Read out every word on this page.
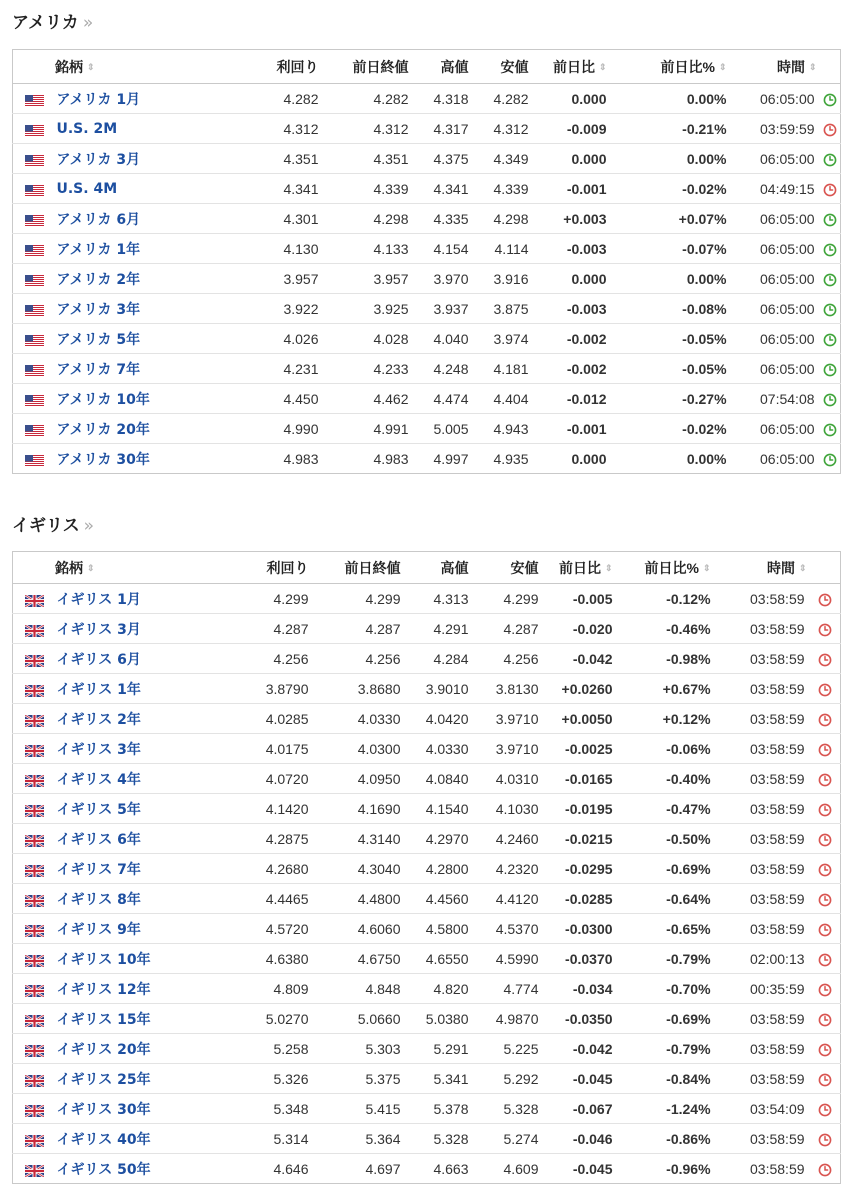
アメリカ »
銘柄 ⇕		利回り	前日終値	高値	安値	前日比 ⇕	前日比% ⇕	時間 ⇕	
	アメリカ 1月	4.282	4.282	4.318	4.282	0.000	0.00%	06:05:00	
	U.S. 2M	4.312	4.312	4.317	4.312	-0.009	-0.21%	03:59:59	
	アメリカ 3月	4.351	4.351	4.375	4.349	0.000	0.00%	06:05:00	
	U.S. 4M	4.341	4.339	4.341	4.339	-0.001	-0.02%	04:49:15	
	アメリカ 6月	4.301	4.298	4.335	4.298	+0.003	+0.07%	06:05:00	
	アメリカ 1年	4.130	4.133	4.154	4.114	-0.003	-0.07%	06:05:00	
	アメリカ 2年	3.957	3.957	3.970	3.916	0.000	0.00%	06:05:00	
	アメリカ 3年	3.922	3.925	3.937	3.875	-0.003	-0.08%	06:05:00	
	アメリカ 5年	4.026	4.028	4.040	3.974	-0.002	-0.05%	06:05:00	
	アメリカ 7年	4.231	4.233	4.248	4.181	-0.002	-0.05%	06:05:00	
	アメリカ 10年	4.450	4.462	4.474	4.404	-0.012	-0.27%	07:54:08	
	アメリカ 20年	4.990	4.991	5.005	4.943	-0.001	-0.02%	06:05:00	
	アメリカ 30年	4.983	4.983	4.997	4.935	0.000	0.00%	06:05:00	
イギリス »
銘柄 ⇕		利回り	前日終値	高値	安値	前日比 ⇕	前日比% ⇕	時間 ⇕	
	イギリス 1月	4.299	4.299	4.313	4.299	-0.005	-0.12%	03:58:59	
	イギリス 3月	4.287	4.287	4.291	4.287	-0.020	-0.46%	03:58:59	
	イギリス 6月	4.256	4.256	4.284	4.256	-0.042	-0.98%	03:58:59	
	イギリス 1年	3.8790	3.8680	3.9010	3.8130	+0.0260	+0.67%	03:58:59	
	イギリス 2年	4.0285	4.0330	4.0420	3.9710	+0.0050	+0.12%	03:58:59	
	イギリス 3年	4.0175	4.0300	4.0330	3.9710	-0.0025	-0.06%	03:58:59	
	イギリス 4年	4.0720	4.0950	4.0840	4.0310	-0.0165	-0.40%	03:58:59	
	イギリス 5年	4.1420	4.1690	4.1540	4.1030	-0.0195	-0.47%	03:58:59	
	イギリス 6年	4.2875	4.3140	4.2970	4.2460	-0.0215	-0.50%	03:58:59	
	イギリス 7年	4.2680	4.3040	4.2800	4.2320	-0.0295	-0.69%	03:58:59	
	イギリス 8年	4.4465	4.4800	4.4560	4.4120	-0.0285	-0.64%	03:58:59	
	イギリス 9年	4.5720	4.6060	4.5800	4.5370	-0.0300	-0.65%	03:58:59	
	イギリス 10年	4.6380	4.6750	4.6550	4.5990	-0.0370	-0.79%	02:00:13	
	イギリス 12年	4.809	4.848	4.820	4.774	-0.034	-0.70%	00:35:59	
	イギリス 15年	5.0270	5.0660	5.0380	4.9870	-0.0350	-0.69%	03:58:59	
	イギリス 20年	5.258	5.303	5.291	5.225	-0.042	-0.79%	03:58:59	
	イギリス 25年	5.326	5.375	5.341	5.292	-0.045	-0.84%	03:58:59	
	イギリス 30年	5.348	5.415	5.378	5.328	-0.067	-1.24%	03:54:09	
	イギリス 40年	5.314	5.364	5.328	5.274	-0.046	-0.86%	03:58:59	
	イギリス 50年	4.646	4.697	4.663	4.609	-0.045	-0.96%	03:58:59	
